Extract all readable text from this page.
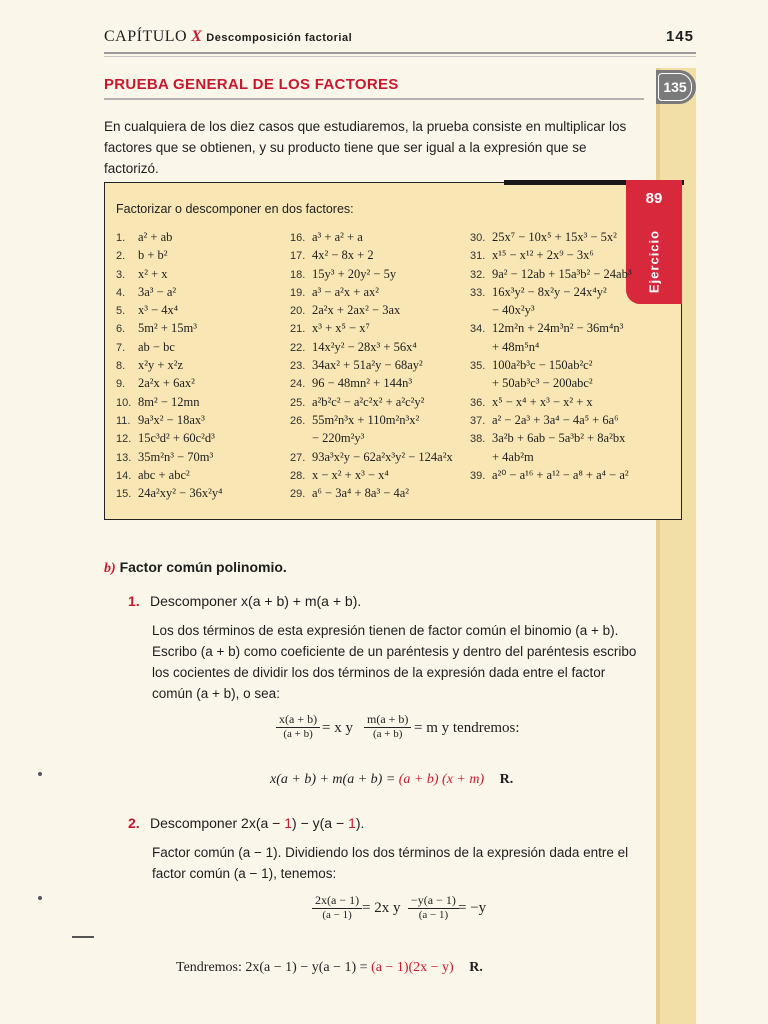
CAPÍTULO X Descomposición factorial	145
135
PRUEBA GENERAL DE LOS FACTORES
En cualquiera de los diez casos que estudiaremos, la prueba consiste en multiplicar los factores que se obtienen, y su producto tiene que ser igual a la expresión que se factorizó.
89
Ejercicio
Factorizar o descomponer en dos factores:
1. a² + ab
2. b + b²
3. x² + x
4. 3a³ − a²
5. x³ − 4x⁴
6. 5m² + 15m³
7. ab − bc
8. x²y + x²z
9. 2a²x + 6ax²
10. 8m² − 12mn
11. 9a³x² − 18ax³
12. 15c³d² + 60c²d³
13. 35m²n³ − 70m³
14. abc + abc²
15. 24a²xy² − 36x²y⁴
16. a³ + a² + a
17. 4x² − 8x + 2
18. 15y³ + 20y² − 5y
19. a³ − a²x + ax²
20. 2a²x + 2ax² − 3ax
21. x³ + x⁵ − x⁷
22. 14x²y² − 28x³ + 56x⁴
23. 34ax² + 51a²y − 68ay²
24. 96 − 48mn² + 144n³
25. a²b²c² − a²c²x² + a²c²y²
26. 55m²n³x + 110m²n³x²
− 220m²y³
27. 93a³x²y − 62a²x³y² − 124a²x
28. x − x² + x³ − x⁴
29. a⁶ − 3a⁴ + 8a³ − 4a²
30. 25x⁷ − 10x⁵ + 15x³ − 5x²
31. x¹⁵ − x¹² + 2x⁹ − 3x⁶
32. 9a² − 12ab + 15a³b² − 24ab³
33. 16x³y² − 8x²y − 24x⁴y²
− 40x²y³
34. 12m²n + 24m³n² − 36m⁴n³
+ 48m⁵n⁴
35. 100a²b³c − 150ab²c²
+ 50ab³c³ − 200abc²
36. x⁵ − x⁴ + x³ − x² + x
37. a² − 2a³ + 3a⁴ − 4a⁵ + 6a⁶
38. 3a²b + 6ab − 5a³b² + 8a²bx
+ 4ab²m
39. a²⁰ − a¹⁶ + a¹² − a⁸ + a⁴ − a²
b) Factor común polinomio.
1. Descomponer x(a + b) + m(a + b).
Los dos términos de esta expresión tienen de factor común el binomio (a + b). Escribo (a + b) como coeficiente de un paréntesis y dentro del paréntesis escribo los cocientes de dividir los dos términos de la expresión dada entre el factor común (a + b), o sea:
$\frac{x(a + b)}{(a + b)} = x$ y $\frac{m(a + b)}{(a + b)} = m$ y tendremos:
x(a + b) + m(a + b) = (a + b) (x + m) R.
2. Descomponer 2x(a − 1) − y(a − 1).
Factor común (a − 1). Dividiendo los dos términos de la expresión dada entre el factor común (a − 1), tenemos:
$\frac{2x(a - 1)}{(a - 1)} = 2x$ y $\frac{-y(a - 1)}{(a - 1)} = -y$
Tendremos: 2x(a − 1) − y(a − 1) = (a − 1)(2x − y) R.
